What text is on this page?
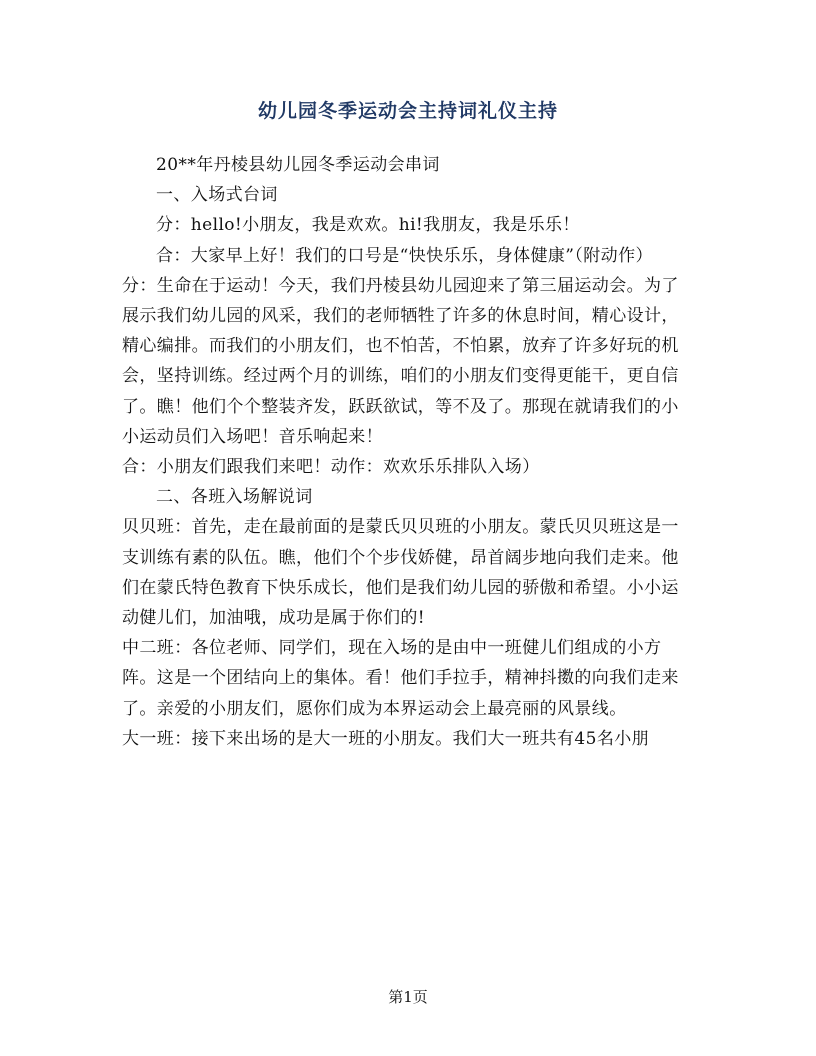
幼儿园冬季运动会主持词礼仪主持

20**年丹棱县幼儿园冬季运动会串词

一、入场式台词

分：hello!小朋友，我是欢欢。hi!我朋友，我是乐乐！

合：大家早上好！我们的口号是“快快乐乐，身体健康”（附动作）

分：生命在于运动！今天，我们丹棱县幼儿园迎来了第三届运动会。为了展示我们幼儿园的风采，我们的老师牺牲了许多的休息时间，精心设计，精心编排。而我们的小朋友们，也不怕苦，不怕累，放弃了许多好玩的机会，坚持训练。经过两个月的训练，咱们的小朋友们变得更能干，更自信了。瞧！他们个个整装齐发，跃跃欲试，等不及了。那现在就请我们的小小运动员们入场吧！音乐响起来！

合：小朋友们跟我们来吧！动作：欢欢乐乐排队入场）

二、各班入场解说词

贝贝班：首先，走在最前面的是蒙氏贝贝班的小朋友。蒙氏贝贝班这是一支训练有素的队伍。瞧，他们个个步伐娇健，昂首阔步地向我们走来。他们在蒙氏特色教育下快乐成长，他们是我们幼儿园的骄傲和希望。小小运动健儿们，加油哦，成功是属于你们的!

中二班：各位老师、同学们，现在入场的是由中一班健儿们组成的小方阵。这是一个团结向上的集体。看！他们手拉手，精神抖擞的向我们走来了。亲爱的小朋友们，愿你们成为本界运动会上最亮丽的风景线。

大一班：接下来出场的是大一班的小朋友。我们大一班共有45名小朋

第1页
